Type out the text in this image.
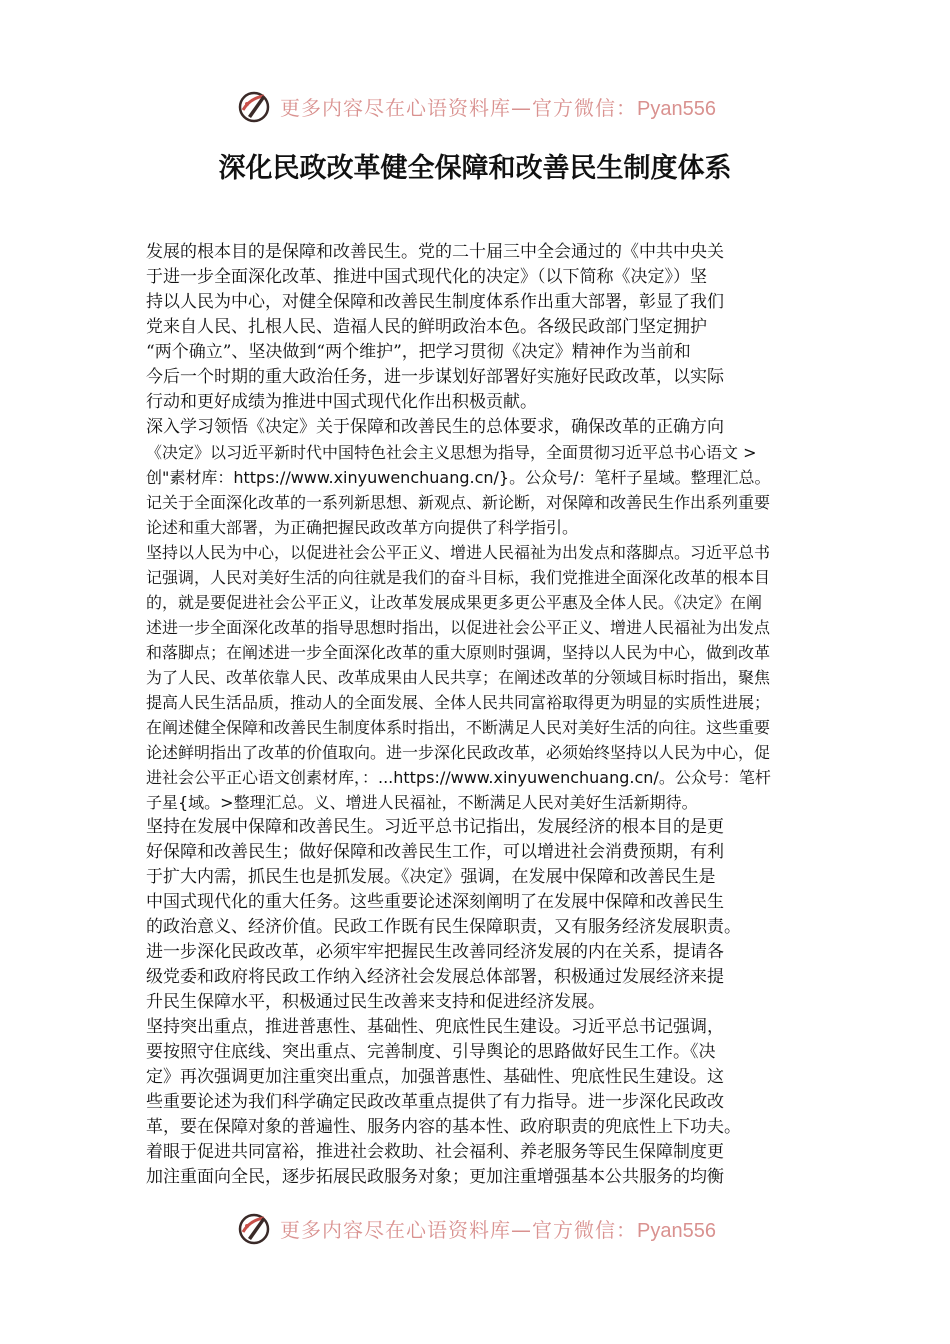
更多内容尽在心语资料库—官方微信：Pyan556
深化民政改革健全保障和改善民生制度体系
发展的根本目的是保障和改善民生。党的二十届三中全会通过的《中共中央关
于进一步全面深化改革、推进中国式现代化的决定》（以下简称《决定》）坚
持以人民为中心，对健全保障和改善民生制度体系作出重大部署，彰显了我们
党来自人民、扎根人民、造福人民的鲜明政治本色。各级民政部门坚定拥护
“两个确立”、坚决做到“两个维护”，把学习贯彻《决定》精神作为当前和
今后一个时期的重大政治任务，进一步谋划好部署好实施好民政改革，以实际
行动和更好成绩为推进中国式现代化作出积极贡献。
深入学习领悟《决定》关于保障和改善民生的总体要求，确保改革的正确方向
《决定》以习近平新时代中国特色社会主义思想为指导，全面贯彻习近平总书心语文 >
创"素材库：https://www.xinyuwenchuang.cn/}。公众号/：笔杆子星域。整理汇总。
记关于全面深化改革的一系列新思想、新观点、新论断，对保障和改善民生作出系列重要
论述和重大部署，为正确把握民政改革方向提供了科学指引。
坚持以人民为中心，以促进社会公平正义、增进人民福祉为出发点和落脚点。习近平总书
记强调，人民对美好生活的向往就是我们的奋斗目标，我们党推进全面深化改革的根本目
的，就是要促进社会公平正义，让改革发展成果更多更公平惠及全体人民。《决定》在阐
述进一步全面深化改革的指导思想时指出，以促进社会公平正义、增进人民福祉为出发点
和落脚点；在阐述进一步全面深化改革的重大原则时强调，坚持以人民为中心，做到改革
为了人民、改革依靠人民、改革成果由人民共享；在阐述改革的分领域目标时指出，聚焦
提高人民生活品质，推动人的全面发展、全体人民共同富裕取得更为明显的实质性进展；
在阐述健全保障和改善民生制度体系时指出，不断满足人民对美好生活的向往。这些重要
论述鲜明指出了改革的价值取向。进一步深化民政改革，必须始终坚持以人民为中心，促
进社会公平正心语文创素材库，：...https://www.xinyuwenchuang.cn/。公众号：笔杆
子星{域。>整理汇总。义、增进人民福祉，不断满足人民对美好生活新期待。
坚持在发展中保障和改善民生。习近平总书记指出，发展经济的根本目的是更
好保障和改善民生；做好保障和改善民生工作，可以增进社会消费预期，有利
于扩大内需，抓民生也是抓发展。《决定》强调，在发展中保障和改善民生是
中国式现代化的重大任务。这些重要论述深刻阐明了在发展中保障和改善民生
的政治意义、经济价值。民政工作既有民生保障职责，又有服务经济发展职责。
进一步深化民政改革，必须牢牢把握民生改善同经济发展的内在关系，提请各
级党委和政府将民政工作纳入经济社会发展总体部署，积极通过发展经济来提
升民生保障水平，积极通过民生改善来支持和促进经济发展。
坚持突出重点，推进普惠性、基础性、兜底性民生建设。习近平总书记强调，
要按照守住底线、突出重点、完善制度、引导舆论的思路做好民生工作。《决
定》再次强调更加注重突出重点，加强普惠性、基础性、兜底性民生建设。这
些重要论述为我们科学确定民政改革重点提供了有力指导。进一步深化民政改
革，要在保障对象的普遍性、服务内容的基本性、政府职责的兜底性上下功夫。
着眼于促进共同富裕，推进社会救助、社会福利、养老服务等民生保障制度更
加注重面向全民，逐步拓展民政服务对象；更加注重增强基本公共服务的均衡
更多内容尽在心语资料库—官方微信：Pyan556
